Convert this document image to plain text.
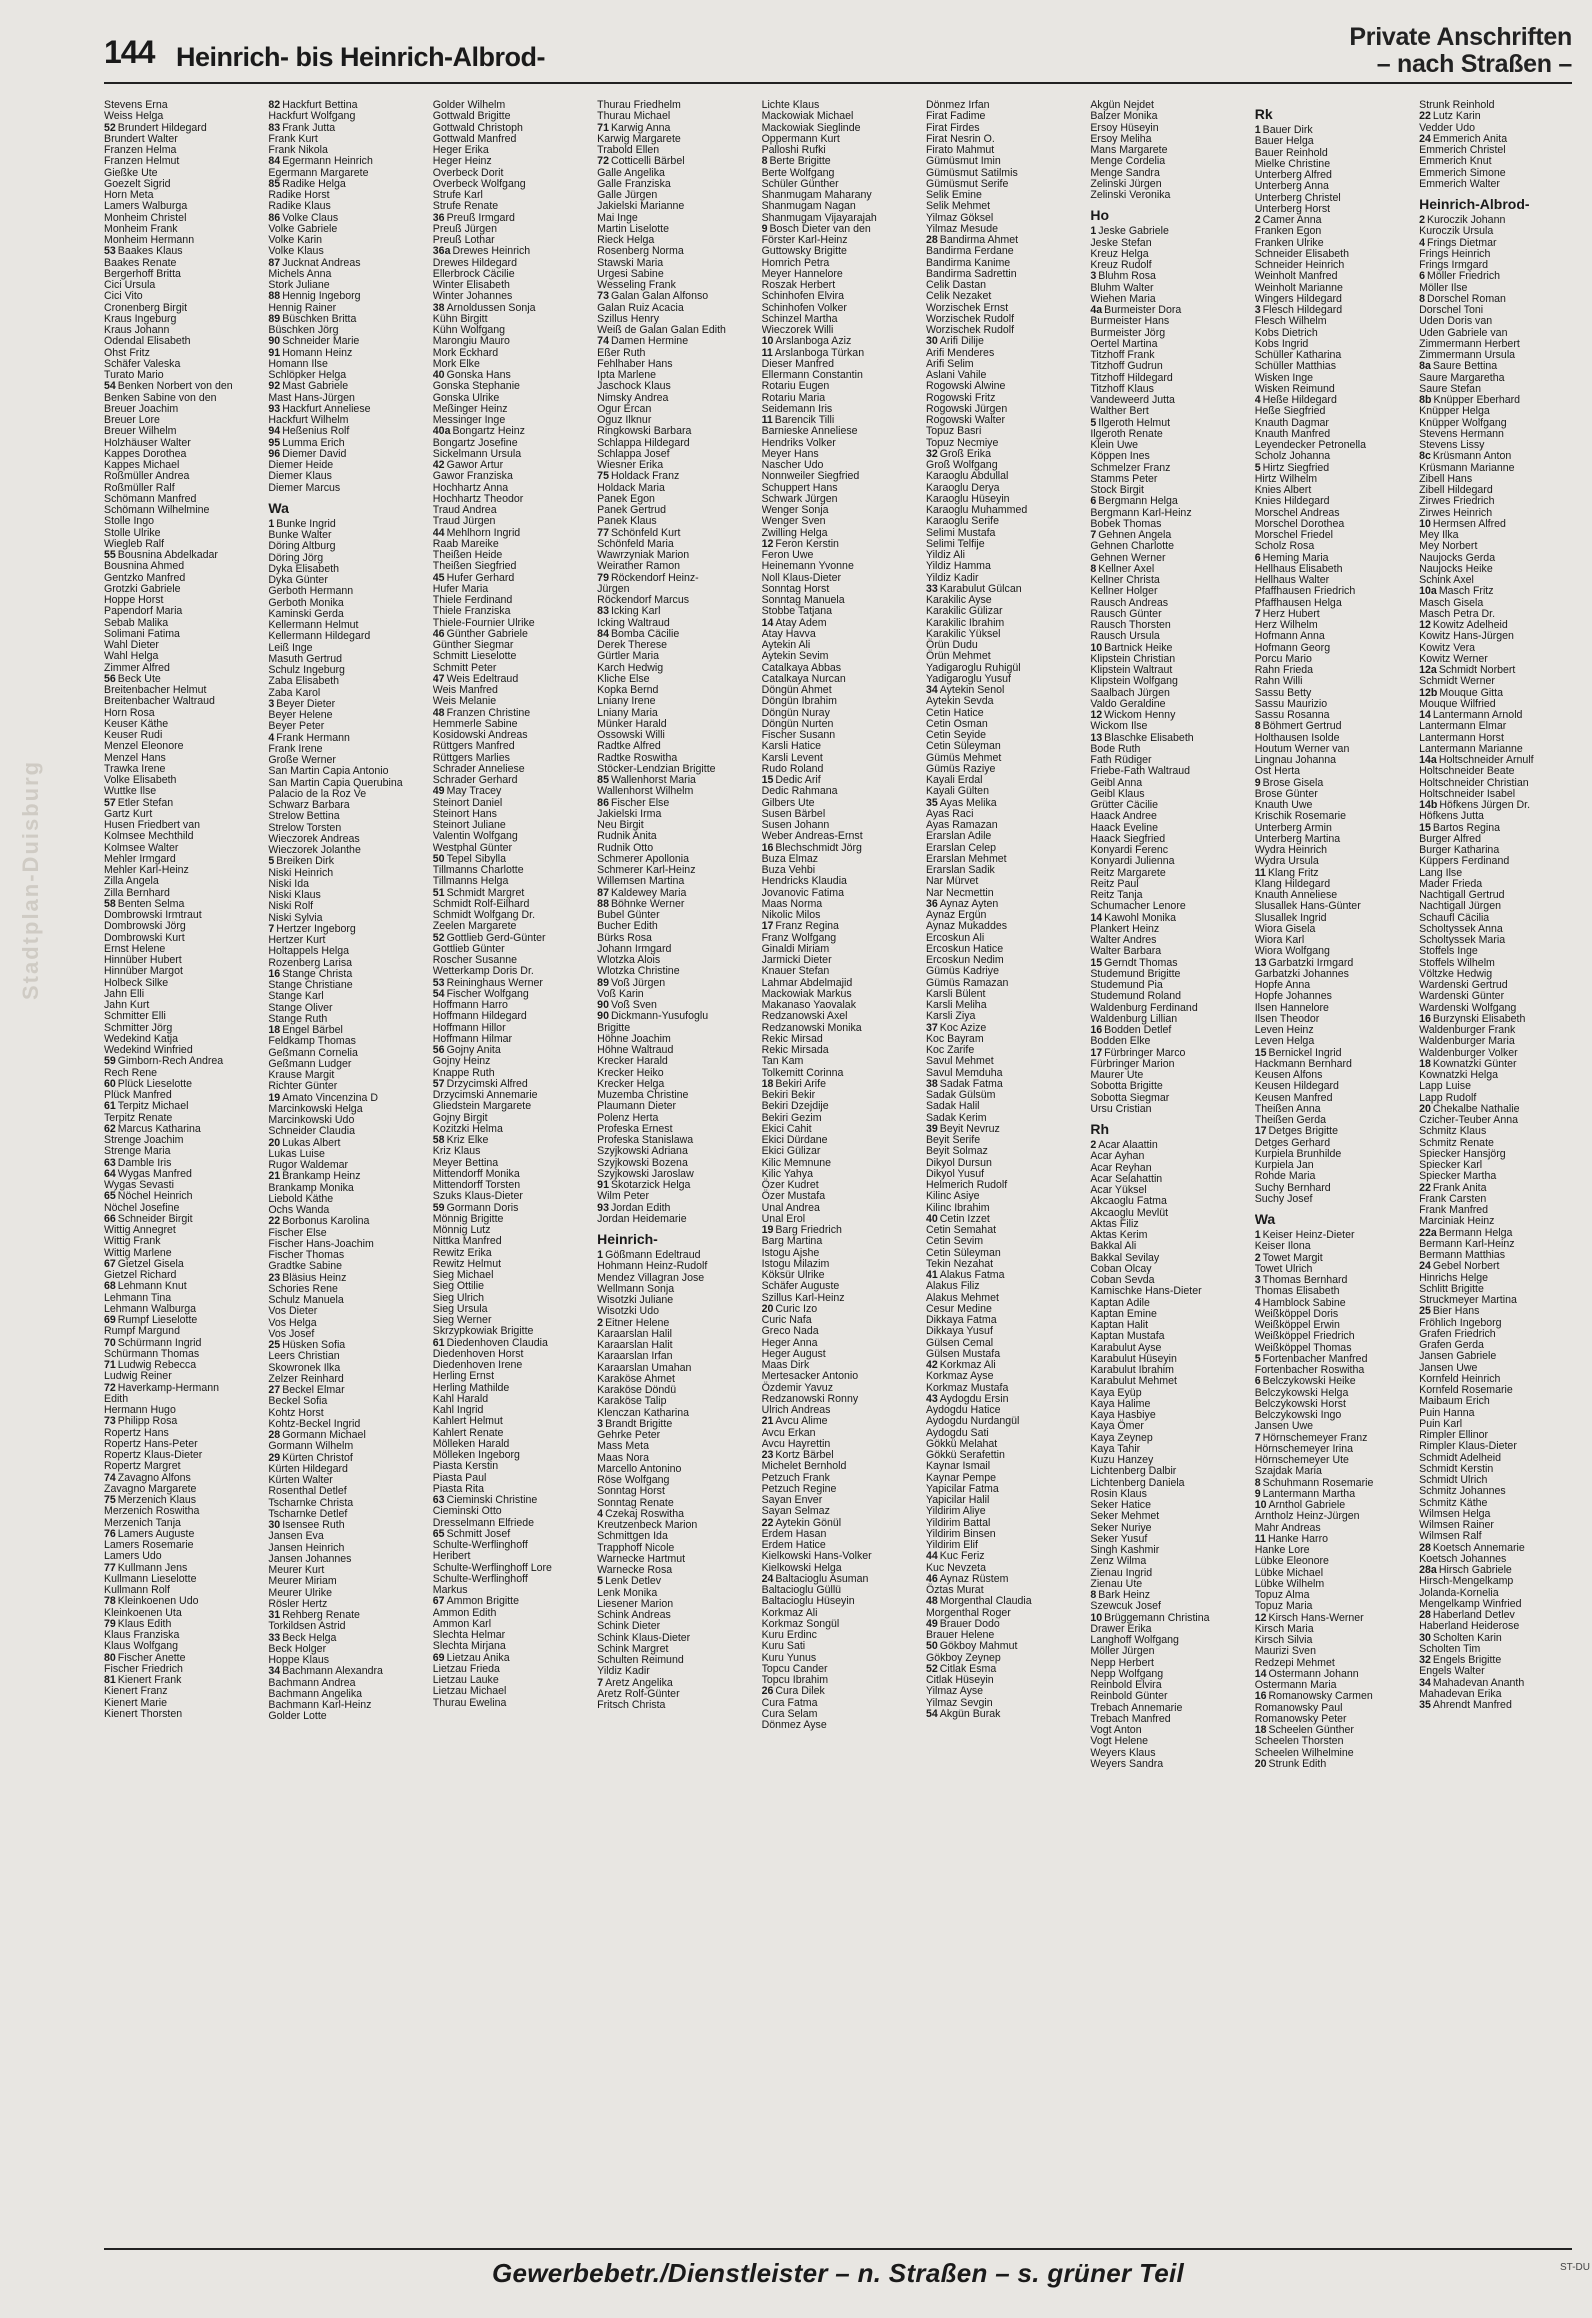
Stadtplan-Duisburg
144 Heinrich- bis Heinrich-Albrod-
Private Anschriften
– nach Straßen –
Stevens Erna
Weiss Helga
52 Brundert Hildegard
Brundert Walter
Franzen Helma
Franzen Helmut
Gießke Ute
Goezelt Sigrid
Horn Meta
Lamers Walburga
Monheim Christel
Monheim Frank
Monheim Hermann
53 Baakes Klaus
Baakes Renate
Bergerhoff Britta
Cici Ursula
Cici Vito
Cronenberg Birgit
Kraus Ingeburg
Kraus Johann
Odendal Elisabeth
Ohst Fritz
Schäfer Valeska
Turato Mario
54 Benken Norbert von den
Benken Sabine von den
Breuer Joachim
Breuer Lore
Breuer Wilhelm
Holzhäuser Walter
Kappes Dorothea
Kappes Michael
Roßmüller Andrea
Roßmüller Ralf
Schömann Manfred
Schömann Wilhelmine
Stolle Ingo
Stolle Ulrike
Wiegleb Ralf
55 Bousnina Abdelkadar
Bousnina Ahmed
Gentzko Manfred
Grotzki Gabriele
Hoppe Horst
Papendorf Maria
Sebab Malika
Solimani Fatima
Wahl Dieter
Wahl Helga
Zimmer Alfred
56 Beck Ute
Breitenbacher Helmut
Breitenbacher Waltraud
Horn Rosa
Keuser Käthe
Keuser Rudi
Menzel Eleonore
Menzel Hans
Trawka Irene
Volke Elisabeth
Wuttke Ilse
57 Etler Stefan
Gartz Kurt
Husen Friedbert van
Kolmsee Mechthild
Kolmsee Walter
Mehler Irmgard
Mehler Karl-Heinz
Zilla Angela
Zilla Bernhard
58 Benten Selma
Dombrowski Irmtraut
Dombrowski Jörg
Dombrowski Kurt
Ernst Helene
Hinnüber Hubert
Hinnüber Margot
Holbeck Silke
Jahn Elli
Jahn Kurt
Schmitter Elli
Schmitter Jörg
Wedekind Katja
Wedekind Winfried
59 Gimborn-Rech Andrea
Rech Rene
60 Plück Lieselotte
Plück Manfred
61 Terpitz Michael
Terpitz Renate
62 Marcus Katharina
Strenge Joachim
Strenge Maria
63 Damble Iris
64 Wygas Manfred
Wygas Sevasti
65 Nöchel Heinrich
Nöchel Josefine
66 Schneider Birgit
Wittig Annegret
Wittig Frank
Wittig Marlene
67 Gietzel Gisela
Gietzel Richard
68 Lehmann Knut
Lehmann Tina
Lehmann Walburga
69 Rumpf Lieselotte
Rumpf Margund
70 Schürmann Ingrid
Schürmann Thomas
71 Ludwig Rebecca
Ludwig Reiner
72 Haverkamp-Hermann
Edith
Hermann Hugo
73 Philipp Rosa
Ropertz Hans
Ropertz Hans-Peter
Ropertz Klaus-Dieter
Ropertz Margret
74 Zavagno Alfons
Zavagno Margarete
75 Merzenich Klaus
Merzenich Roswitha
Merzenich Tanja
76 Lamers Auguste
Lamers Rosemarie
Lamers Udo
77 Kullmann Jens
Kullmann Lieselotte
Kullmann Rolf
78 Kleinkoenen Udo
Kleinkoenen Uta
79 Klaus Edith
Klaus Franziska
Klaus Wolfgang
80 Fischer Anette
Fischer Friedrich
81 Kienert Frank
Kienert Franz
Kienert Marie
Kienert Thorsten
82 Hackfurt Bettina
Hackfurt Wolfgang
83 Frank Jutta
Frank Kurt
Frank Nikola
84 Egermann Heinrich
Egermann Margarete
85 Radike Helga
Radike Horst
Radike Klaus
86 Volke Claus
Volke Gabriele
Volke Karin
Volke Klaus
87 Jucknat Andreas
Michels Anna
Stork Juliane
88 Hennig Ingeborg
Hennig Rainer
89 Büschken Britta
Büschken Jörg
90 Schneider Marie
91 Homann Heinz
Homann Ilse
Schlöpker Helga
92 Mast Gabriele
Mast Hans-Jürgen
93 Hackfurt Anneliese
Hackfurt Wilhelm
94 Heßenius Rolf
95 Lumma Erich
96 Diemer David
Diemer Heide
Diemer Klaus
Diemer Marcus
Wa
1 Bunke Ingrid
Bunke Walter
Döring Altburg
Döring Jörg
Dyka Elisabeth
Dyka Günter
Gerboth Hermann
Gerboth Monika
Kaminski Gerda
Kellermann Helmut
Kellermann Hildegard
Leiß Inge
Masuth Gertrud
Schulz Ingeburg
Zaba Elisabeth
Zaba Karol
3 Beyer Dieter
Beyer Helene
Beyer Peter
4 Frank Hermann
Frank Irene
Große Werner
San Martin Capia Antonio
San Martin Capia Querubina
Palacio de la Roz Ve
Schwarz Barbara
Strelow Bettina
Strelow Torsten
Wieczorek Andreas
Wieczorek Jolanthe
5 Breiken Dirk
Niski Heinrich
Niski Ida
Niski Klaus
Niski Rolf
Niski Sylvia
7 Hertzer Ingeborg
Hertzer Kurt
Holtappels Helga
Rozenberg Larisa
16 Stange Christa
Stange Christiane
Stange Karl
Stange Oliver
Stange Ruth
18 Engel Bärbel
Feldkamp Thomas
Geßmann Cornelia
Geßmann Ludger
Krause Margit
Richter Günter
19 Amato Vincenzina D
Marcinkowski Helga
Marcinkowski Udo
Schneider Claudia
20 Lukas Albert
Lukas Luise
Rugor Waldemar
21 Brankamp Heinz
Brankamp Monika
Liebold Käthe
Ochs Wanda
22 Borbonus Karolina
Fischer Else
Fischer Hans-Joachim
Fischer Thomas
Gradtke Sabine
23 Bläsius Heinz
Schories Rene
Schulz Manuela
Vos Dieter
Vos Helga
Vos Josef
25 Hüsken Sofia
Leers Christian
Skowronek Ilka
Zelzer Reinhard
27 Beckel Elmar
Beckel Sofia
Kohtz Horst
Kohtz-Beckel Ingrid
28 Gormann Michael
Gormann Wilhelm
29 Kürten Christof
Kürten Hildegard
Kürten Walter
Rosenthal Detlef
Tscharnke Christa
Tscharnke Detlef
30 Isensee Ruth
Jansen Eva
Jansen Heinrich
Jansen Johannes
Meurer Kurt
Meurer Miriam
Meurer Ulrike
Rösler Hertz
31 Rehberg Renate
Torkildsen Astrid
33 Beck Helga
Beck Holger
Hoppe Klaus
34 Bachmann Alexandra
Bachmann Andrea
Bachmann Angelika
Bachmann Karl-Heinz
Golder Lotte
Golder Wilhelm
Gottwald Brigitte
Gottwald Christoph
Gottwald Manfred
Heger Erika
Heger Heinz
Overbeck Dorit
Overbeck Wolfgang
Strufe Karl
Strufe Renate
36 Preuß Irmgard
Preuß Jürgen
Preuß Lothar
36a Drewes Heinrich
Drewes Hildegard
Ellerbrock Cäcilie
Winter Elisabeth
Winter Johannes
38 Arnoldussen Sonja
Kühn Birgitt
Kühn Wolfgang
Marongiu Mauro
Mork Eckhard
Mork Elke
40 Gonska Hans
Gonska Stephanie
Gonska Ulrike
Meßinger Heinz
Messinger Inge
40a Bongartz Heinz
Bongartz Josefine
Sickelmann Ursula
42 Gawor Artur
Gawor Franziska
Hochhartz Anna
Hochhartz Theodor
Traud Andrea
Traud Jürgen
44 Mehlhorn Ingrid
Raab Mareike
Theißen Heide
Theißen Siegfried
45 Hufer Gerhard
Hufer Maria
Thiele Ferdinand
Thiele Franziska
Thiele-Fournier Ulrike
46 Günther Gabriele
Günther Siegmar
Schmitt Lieselotte
Schmitt Peter
47 Weis Edeltraud
Weis Manfred
Weis Melanie
48 Franzen Christine
Hemmerle Sabine
Kosidowski Andreas
Rüttgers Manfred
Rüttgers Marlies
Schrader Anneliese
Schrader Gerhard
49 May Tracey
Steinort Daniel
Steinort Hans
Steinort Juliane
Valentin Wolfgang
Westphal Günter
50 Tepel Sibylla
Tillmanns Charlotte
Tillmanns Helga
51 Schmidt Margret
Schmidt Rolf-Eilhard
Schmidt Wolfgang Dr.
Zeelen Margarete
52 Gottlieb Gerd-Günter
Gottlieb Günter
Roscher Susanne
Wetterkamp Doris Dr.
53 Reininghaus Werner
54 Fischer Wolfgang
Hoffmann Harro
Hoffmann Hildegard
Hoffmann Hillor
Hoffmann Hilmar
56 Gojny Anita
Gojny Heinz
Knappe Ruth
57 Drzycimski Alfred
Drzycimski Annemarie
Gliedstein Margarete
Gojny Birgit
Kozitzki Helma
58 Kriz Elke
Kriz Klaus
Meyer Bettina
Mittendorff Monika
Mittendorff Torsten
Szuks Klaus-Dieter
59 Gormann Doris
Mönnig Brigitte
Mönnig Lutz
Nittka Manfred
Rewitz Erika
Rewitz Helmut
Sieg Michael
Sieg Ottilie
Sieg Ulrich
Sieg Ursula
Sieg Werner
Skrzypkowiak Brigitte
61 Diedenhoven Claudia
Diedenhoven Horst
Diedenhoven Irene
Herling Ernst
Herling Mathilde
Kahl Harald
Kahl Ingrid
Kahlert Helmut
Kahlert Renate
Mölleken Harald
Mölleken Ingeborg
Piasta Kerstin
Piasta Paul
Piasta Rita
63 Cieminski Christine
Cieminski Otto
Dresselmann Elfriede
65 Schmitt Josef
Schulte-Werflinghoff
Heribert
Schulte-Werflinghoff Lore
Schulte-Werflinghoff
Markus
67 Ammon Brigitte
Ammon Edith
Ammon Karl
Slechta Helmar
Slechta Mirjana
69 Lietzau Anika
Lietzau Frieda
Lietzau Lauke
Lietzau Michael
Thurau Ewelina
Thurau Friedhelm
Thurau Michael
71 Karwig Anna
Karwig Margarete
Trabold Ellen
72 Cotticelli Bärbel
Galle Angelika
Galle Franziska
Galle Jürgen
Jakielski Marianne
Mai Inge
Martin Liselotte
Rieck Helga
Rosenberg Norma
Stawski Maria
Urgesi Sabine
Wesseling Frank
73 Galan Galan Alfonso
Galan Ruiz Acacia
Szillus Henry
Weiß de Galan Galan Edith
74 Damen Hermine
Eßer Ruth
Fehlhaber Hans
Ipta Marlene
Jaschock Klaus
Nimsky Andrea
Ogur Ercan
Oguz Ilknur
Ringkowski Barbara
Schlappa Hildegard
Schlappa Josef
Wiesner Erika
75 Holdack Franz
Holdack Maria
Panek Egon
Panek Gertrud
Panek Klaus
77 Schönfeld Kurt
Schönfeld Maria
Wawrzyniak Marion
Weirather Ramon
79 Röckendorf Heinz-
Jürgen
Röckendorf Marcus
83 Icking Karl
Icking Waltraud
84 Bomba Cäcilie
Derek Therese
Gürtler Maria
Karch Hedwig
Kliche Else
Kopka Bernd
Lniany Irene
Lniany Maria
Münker Harald
Ossowski Willi
Radtke Alfred
Radtke Roswitha
Stöcker-Lendzian Brigitte
85 Wallenhorst Maria
Wallenhorst Wilhelm
86 Fischer Else
Jakielski Irma
Neu Birgit
Rudnik Anita
Rudnik Otto
Schmerer Apollonia
Schmerer Karl-Heinz
Willemsen Martina
87 Kaldewey Maria
88 Böhnke Werner
Bubel Günter
Bucher Edith
Bürks Rosa
Johann Irmgard
Wlotzka Alois
Wlotzka Christine
89 Voß Jürgen
Voß Karin
90 Voß Sven
90 Dickmann-Yusufoglu
Brigitte
Höhne Joachim
Höhne Waltraud
Krecker Harald
Krecker Heiko
Krecker Helga
Muzemba Christine
Plaumann Dieter
Polenz Herta
Profeska Ernest
Profeska Stanislawa
Szyjkowski Adriana
Szyjkowski Bozena
Szyjkowski Jaroslaw
91 Skotarzick Helga
Wilm Peter
93 Jordan Edith
Jordan Heidemarie
Heinrich-
1 Gößmann Edeltraud
Hohmann Heinz-Rudolf
Mendez Villagran Jose
Wellmann Sonja
Wisotzki Juliane
Wisotzki Udo
2 Eitner Helene
Karaarslan Halil
Karaarslan Halit
Karaarslan Irfan
Karaarslan Umahan
Karaköse Ahmet
Karaköse Döndü
Karaköse Talip
Klenczan Katharina
3 Brandt Brigitte
Gehrke Peter
Mass Meta
Maas Nora
Marcello Antonino
Röse Wolfgang
Sonntag Horst
Sonntag Renate
4 Czekaj Roswitha
Kreutzenbeck Marion
Schmittgen Ida
Trapphoff Nicole
Warnecke Hartmut
Warnecke Rosa
5 Lenk Detlev
Lenk Monika
Liesener Marion
Schink Andreas
Schink Dieter
Schink Klaus-Dieter
Schink Margret
Schulten Reimund
Yildiz Kadir
7 Aretz Angelika
Aretz Rolf-Günter
Fritsch Christa
Lichte Klaus
Mackowiak Michael
Mackowiak Sieglinde
Oppermann Kurt
Palloshi Rufki
8 Berte Brigitte
Berte Wolfgang
Schüler Günther
Shanmugam Maharany
Shanmugam Nagan
Shanmugam Vijayarajah
9 Bosch Dieter van den
Förster Karl-Heinz
Guttowsky Brigitte
Homrich Petra
Meyer Hannelore
Roszak Herbert
Schinhofen Elvira
Schinhofen Volker
Schinzel Martha
Wieczorek Willi
10 Arslanboga Aziz
11 Arslanboga Türkan
Dieser Manfred
Ellermann Constantin
Rotariu Eugen
Rotariu Maria
Seidemann Iris
11 Barencik Tilli
Barnieske Anneliese
Hendriks Volker
Meyer Hans
Nascher Udo
Nonnweiler Siegfried
Schuppert Hans
Schwark Jürgen
Wenger Sonja
Wenger Sven
Zwilling Helga
12 Feron Kerstin
Feron Uwe
Heinemann Yvonne
Noll Klaus-Dieter
Sonntag Horst
Sonntag Manuela
Stobbe Tatjana
14 Atay Adem
Atay Havva
Aytekin Ali
Aytekin Sevim
Catalkaya Abbas
Catalkaya Nurcan
Döngün Ahmet
Döngün Ibrahim
Döngün Nuray
Döngün Nurten
Fischer Susann
Karsli Hatice
Karsli Levent
Rudo Roland
15 Dedic Arif
Dedic Rahmana
Gilbers Ute
Susen Bärbel
Susen Johann
Weber Andreas-Ernst
16 Blechschmidt Jörg
Buza Elmaz
Buza Vehbi
Hendricks Klaudia
Jovanovic Fatima
Maas Norma
Nikolic Milos
17 Franz Regina
Franz Wolfgang
Ginaldi Miriam
Jarmicki Dieter
Knauer Stefan
Lahmar Abdelmajid
Mackowiak Markus
Makanaso Yaovalak
Redzanowski Axel
Redzanowski Monika
Rekic Mirsad
Rekic Mirsada
Tan Kam
Tolkemitt Corinna
18 Bekiri Arife
Bekiri Bekir
Bekiri Dzejdije
Bekiri Gezim
Ekici Cahit
Ekici Dürdane
Ekici Gülizar
Kilic Memnune
Kilic Yahya
Özer Kudret
Özer Mustafa
Unal Andrea
Unal Erol
19 Barg Friedrich
Barg Martina
Istogu Ajshe
Istogu Milazim
Köksür Ulrike
Schäfer Auguste
Szillus Karl-Heinz
20 Curic Izo
Curic Nafa
Greco Nada
Heger Anna
Heger August
Maas Dirk
Mertesacker Antonio
Özdemir Yavuz
Redzanowski Ronny
Ulrich Andreas
21 Avcu Alime
Avcu Erkan
Avcu Hayrettin
23 Kortz Bärbel
Michelet Bernhold
Petzuch Frank
Petzuch Regine
Sayan Enver
Sayan Selmaz
22 Aytekin Gönül
Erdem Hasan
Erdem Hatice
Kielkowski Hans-Volker
Kielkowski Helga
24 Baltacioglu Asuman
Baltacioglu Güllü
Baltacioglu Hüseyin
Korkmaz Ali
Korkmaz Songül
Kuru Erdinc
Kuru Sati
Kuru Yunus
Topcu Cander
Topcu Ibrahim
26 Cura Dilek
Cura Fatma
Cura Selam
Dönmez Ayse
Dönmez Irfan
Firat Fadime
Firat Firdes
Firat Nesrin O.
Firato Mahmut
Gümüsmut Imin
Gümüsmut Satilmis
Gümüsmut Serife
Selik Emine
Selik Mehmet
Yilmaz Göksel
Yilmaz Mesude
28 Bandirma Ahmet
Bandirma Ferdane
Bandirma Kanime
Bandirma Sadrettin
Celik Dastan
Celik Nezaket
Worzischek Ernst
Worzischek Rudolf
Worzischek Rudolf
30 Arifi Dilije
Arifi Menderes
Arifi Selim
Aslani Vahile
Rogowski Alwine
Rogowski Fritz
Rogowski Jürgen
Rogowski Walter
Topuz Basri
Topuz Necmiye
32 Groß Erika
Groß Wolfgang
Karaoglu Abdullal
Karaoglu Derya
Karaoglu Hüseyin
Karaoglu Muhammed
Karaoglu Serife
Selimi Mustafa
Selimi Telfije
Yildiz Ali
Yildiz Hamma
Yildiz Kadir
33 Karabulut Gülcan
Karakilic Ayse
Karakilic Gülizar
Karakilic Ibrahim
Karakilic Yüksel
Örün Dudu
Örün Mehmet
Yadigaroglu Ruhigül
Yadigaroglu Yusuf
34 Aytekin Senol
Aytekin Sevda
Cetin Hatice
Cetin Osman
Cetin Seyide
Cetin Süleyman
Gümüs Mehmet
Gümüs Raziye
Kayali Erdal
Kayali Gülten
35 Ayas Melika
Ayas Raci
Ayas Ramazan
Erarslan Adile
Erarslan Celep
Erarslan Mehmet
Erarslan Sadik
Nar Mürvet
Nar Necmettin
36 Aynaz Ayten
Aynaz Ergün
Aynaz Mukaddes
Ercoskun Ali
Ercoskun Hatice
Ercoskun Nedim
Gümüs Kadriye
Gümüs Ramazan
Karsli Bülent
Karsli Meliha
Karsli Ziya
37 Koc Azize
Koc Bayram
Koc Zarife
Savul Mehmet
Savul Memduha
38 Sadak Fatma
Sadak Gülsüm
Sadak Halil
Sadak Kerim
39 Beyit Nevruz
Beyit Serife
Beyit Solmaz
Dikyol Dursun
Dikyol Yusuf
Helmerich Rudolf
Kilinc Asiye
Kilinc Ibrahim
40 Cetin Izzet
Cetin Semahat
Cetin Sevim
Cetin Süleyman
Tekin Nezahat
41 Alakus Fatma
Alakus Filiz
Alakus Mehmet
Cesur Medine
Dikkaya Fatma
Dikkaya Yusuf
Gülsen Cemal
Gülsen Mustafa
42 Korkmaz Ali
Korkmaz Ayse
Korkmaz Mustafa
43 Aydogdu Ersin
Aydogdu Hatice
Aydogdu Nurdangül
Aydogdu Sati
Gökkü Melahat
Gökkü Serafettin
Kaynar Ismail
Kaynar Pempe
Yapicilar Fatma
Yapicilar Halil
Yildirim Aliye
Yildirim Battal
Yildirim Binsen
Yildirim Elif
44 Kuc Feriz
Kuc Nevzeta
46 Aynaz Rüstem
Öztas Murat
48 Morgenthal Claudia
Morgenthal Roger
49 Brauer Dodo
Brauer Helene
50 Gökboy Mahmut
Gökboy Zeynep
52 Citlak Esma
Citlak Hüseyin
Yilmaz Ayse
Yilmaz Sevgin
54 Akgün Burak
Akgün Nejdet
Balzer Monika
Ersoy Hüseyin
Ersoy Meliha
Mans Margarete
Menge Cordelia
Menge Sandra
Zelinski Jürgen
Zelinski Veronika
Ho
1 Jeske Gabriele
Jeske Stefan
Kreuz Helga
Kreuz Rudolf
3 Bluhm Rosa
Bluhm Walter
Wiehen Maria
4a Burmeister Dora
Burmeister Hans
Burmeister Jörg
Oertel Martina
Titzhoff Frank
Titzhoff Gudrun
Titzhoff Hildegard
Titzhoff Klaus
Vandeweerd Jutta
Walther Bert
5 Ilgeroth Helmut
Ilgeroth Renate
Klein Uwe
Köppen Ines
Schmelzer Franz
Stamms Peter
Stock Birgit
6 Bergmann Helga
Bergmann Karl-Heinz
Bobek Thomas
7 Gehnen Angela
Gehnen Charlotte
Gehnen Werner
8 Kellner Axel
Kellner Christa
Kellner Holger
Rausch Andreas
Rausch Günter
Rausch Thorsten
Rausch Ursula
10 Bartnick Heike
Klipstein Christian
Klipstein Waltraut
Klipstein Wolfgang
Saalbach Jürgen
Valdo Geraldine
12 Wickom Henny
Wickom Ilse
13 Blaschke Elisabeth
Bode Ruth
Fath Rüdiger
Friebe-Fath Waltraud
Geibl Anna
Geibl Klaus
Grütter Cäcilie
Haack Andree
Haack Eveline
Haack Siegfried
Konyardi Ferenc
Konyardi Julienna
Reitz Margarete
Reitz Paul
Reitz Tanja
Schumacher Lenore
14 Kawohl Monika
Plankert Heinz
Walter Andres
Walter Barbara
15 Gerndt Thomas
Studemund Brigitte
Studemund Pia
Studemund Roland
Waldenburg Ferdinand
Waldenburg Lillian
16 Bodden Detlef
Bodden Elke
17 Fürbringer Marco
Fürbringer Marion
Maurer Ute
Sobotta Brigitte
Sobotta Siegmar
Ursu Cristian
Rh
2 Acar Alaattin
Acar Ayhan
Acar Reyhan
Acar Selahattin
Acar Yüksel
Akcaoglu Fatma
Akcaoglu Mevlüt
Aktas Filiz
Aktas Kerim
Bakkal Ali
Bakkal Sevilay
Coban Olcay
Coban Sevda
Kamischke Hans-Dieter
Kaptan Adile
Kaptan Emine
Kaptan Halit
Kaptan Mustafa
Karabulut Ayse
Karabulut Hüseyin
Karabulut Ibrahim
Karabulut Mehmet
Kaya Eyüp
Kaya Halime
Kaya Hasbiye
Kaya Ömer
Kaya Zeynep
Kaya Tahir
Kuzu Hanzey
Lichtenberg Dalbir
Lichtenberg Daniela
Rosin Klaus
Seker Hatice
Seker Mehmet
Seker Nuriye
Seker Yusuf
Singh Kashmir
Zenz Wilma
Zienau Ingrid
Zienau Ute
8 Bark Heinz
Szewcuk Josef
10 Brüggemann Christina
Drawer Erika
Langhoff Wolfgang
Möller Jürgen
Nepp Herbert
Nepp Wolfgang
Reinbold Elvira
Reinbold Günter
Trebach Annemarie
Trebach Manfred
Vogt Anton
Vogt Helene
Weyers Klaus
Weyers Sandra
Rk
1 Bauer Dirk
Bauer Helga
Bauer Reinhold
Mielke Christine
Unterberg Alfred
Unterberg Anna
Unterberg Christel
Unterberg Horst
2 Camer Anna
Franken Egon
Franken Ulrike
Schneider Elisabeth
Schneider Heinrich
Weinholt Manfred
Weinholt Marianne
Wingers Hildegard
3 Flesch Hildegard
Flesch Wilhelm
Kobs Dietrich
Kobs Ingrid
Schüller Katharina
Schüller Matthias
Wisken Inge
Wisken Reimund
4 Heße Hildegard
Heße Siegfried
Knauth Dagmar
Knauth Manfred
Leyendecker Petronella
Scholz Johanna
5 Hirtz Siegfried
Hirtz Wilhelm
Knies Albert
Knies Hildegard
Morschel Andreas
Morschel Dorothea
Morschel Friedel
Scholz Rosa
6 Heming Maria
Hellhaus Elisabeth
Hellhaus Walter
Pfaffhausen Friedrich
Pfaffhausen Helga
7 Herz Hubert
Herz Wilhelm
Hofmann Anna
Hofmann Georg
Porcu Mario
Rahn Frieda
Rahn Willi
Sassu Betty
Sassu Maurizio
Sassu Rosanna
8 Böhmert Gertrud
Holthausen Isolde
Houtum Werner van
Lingnau Johanna
Ost Herta
9 Brose Gisela
Brose Günter
Knauth Uwe
Krischik Rosemarie
Unterberg Armin
Unterberg Martina
Wydra Heinrich
Wydra Ursula
11 Klang Fritz
Klang Hildegard
Knauth Anneliese
Slusallek Hans-Günter
Slusallek Ingrid
Wiora Gisela
Wiora Karl
Wiora Wolfgang
13 Garbatzki Irmgard
Garbatzki Johannes
Hopfe Anna
Hopfe Johannes
Ilsen Hannelore
Ilsen Theodor
Leven Heinz
Leven Helga
15 Bernickel Ingrid
Hackmann Bernhard
Keusen Alfons
Keusen Hildegard
Keusen Manfred
Theißen Anna
Theißen Gerda
17 Detges Brigitte
Detges Gerhard
Kurpiela Brunhilde
Kurpiela Jan
Rohde Maria
Suchy Bernhard
Suchy Josef
Wa
1 Keiser Heinz-Dieter
Keiser Ilona
2 Towet Margit
Towet Ulrich
3 Thomas Bernhard
Thomas Elisabeth
4 Hamblock Sabine
Weißköppel Doris
Weißköppel Erwin
Weißköppel Friedrich
Weißköppel Thomas
5 Fortenbacher Manfred
Fortenbacher Roswitha
6 Belczykowski Heike
Belczykowski Helga
Belczykowski Horst
Belczykowski Ingo
Jansen Uwe
7 Hörnschemeyer Franz
Hörnschemeyer Irina
Hörnschemeyer Ute
Szajdak Maria
8 Schuhmann Rosemarie
9 Lantermann Martha
10 Arnthol Gabriele
Arntholz Heinz-Jürgen
Mahr Andreas
11 Hanke Harro
Hanke Lore
Lübke Eleonore
Lübke Michael
Lübke Wilhelm
Topuz Alma
Topuz Maria
12 Kirsch Hans-Werner
Kirsch Maria
Kirsch Silvia
Maurizi Sven
Redzepi Mehmet
14 Ostermann Johann
Ostermann Maria
16 Romanowsky Carmen
Romanowsky Paul
Romanowsky Peter
18 Scheelen Günther
Scheelen Thorsten
Scheelen Wilhelmine
20 Strunk Edith
Strunk Reinhold
22 Lutz Karin
Vedder Udo
24 Emmerich Anita
Emmerich Christel
Emmerich Knut
Emmerich Simone
Emmerich Walter
Heinrich-Albrod-
2 Kuroczik Johann
Kuroczik Ursula
4 Frings Dietmar
Frings Heinrich
Frings Irmgard
6 Möller Friedrich
Möller Ilse
8 Dorschel Roman
Dorschel Toni
Uden Doris van
Uden Gabriele van
Zimmermann Herbert
Zimmermann Ursula
8a Saure Bettina
Saure Margaretha
Saure Stefan
8b Knüpper Eberhard
Knüpper Helga
Knüpper Wolfgang
Stevens Hermann
Stevens Lissy
8c Krüsmann Anton
Krüsmann Marianne
Zibell Hans
Zibell Hildegard
Zirwes Friedrich
Zirwes Heinrich
10 Hermsen Alfred
Mey Ilka
Mey Norbert
Naujocks Gerda
Naujocks Heike
Schink Axel
10a Masch Fritz
Masch Gisela
Masch Petra Dr.
12 Kowitz Adelheid
Kowitz Hans-Jürgen
Kowitz Vera
Kowitz Werner
12a Schmidt Norbert
Schmidt Werner
12b Mouque Gitta
Mouque Wilfried
14 Lantermann Arnold
Lantermann Elmar
Lantermann Horst
Lantermann Marianne
14a Holtschneider Arnulf
Holtschneider Beate
Holtschneider Christian
Holtschneider Isabel
14b Höfkens Jürgen Dr.
Höfkens Jutta
15 Bartos Regina
Burger Alfred
Burger Katharina
Küppers Ferdinand
Lang Ilse
Mader Frieda
Nachtigall Gertrud
Nachtigall Jürgen
Schaufl Cäcilia
Scholtyssek Anna
Scholtyssek Maria
Stoffels Inge
Stoffels Wilhelm
Völtzke Hedwig
Wardenski Gertrud
Wardenski Günter
Wardenski Wolfgang
16 Burzynski Elisabeth
Waldenburger Frank
Waldenburger Maria
Waldenburger Volker
18 Kownatzki Günter
Kownatzki Helga
Lapp Luise
Lapp Rudolf
20 Chekalbe Nathalie
Czicher-Teuber Anna
Schmitz Klaus
Schmitz Renate
Spiecker Hansjörg
Spiecker Karl
Spiecker Martha
22 Frank Anita
Frank Carsten
Frank Manfred
Marciniak Heinz
22a Bermann Helga
Bermann Karl-Heinz
Bermann Matthias
24 Gebel Norbert
Hinrichs Helge
Schlitt Brigitte
Struckmeyer Martina
25 Bier Hans
Fröhlich Ingeborg
Grafen Friedrich
Grafen Gerda
Jansen Gabriele
Jansen Uwe
Kornfeld Heinrich
Kornfeld Rosemarie
Maibaum Erich
Puin Hanna
Puin Karl
Rimpler Ellinor
Rimpler Klaus-Dieter
Schmidt Adelheid
Schmidt Kerstin
Schmidt Ulrich
Schmitz Johannes
Schmitz Käthe
Wilmsen Helga
Wilmsen Rainer
Wilmsen Ralf
28 Koetsch Annemarie
Koetsch Johannes
28a Hirsch Gabriele
Hirsch-Mengelkamp
Jolanda-Kornelia
Mengelkamp Winfried
28 Haberland Detlev
Haberland Heiderose
30 Scholten Karin
Scholten Tim
32 Engels Brigitte
Engels Walter
34 Mahadevan Ananth
Mahadevan Erika
35 Ahrendt Manfred
Gewerbebetr./Dienstleister – n. Straßen – s. grüner Teil	ST-DU
